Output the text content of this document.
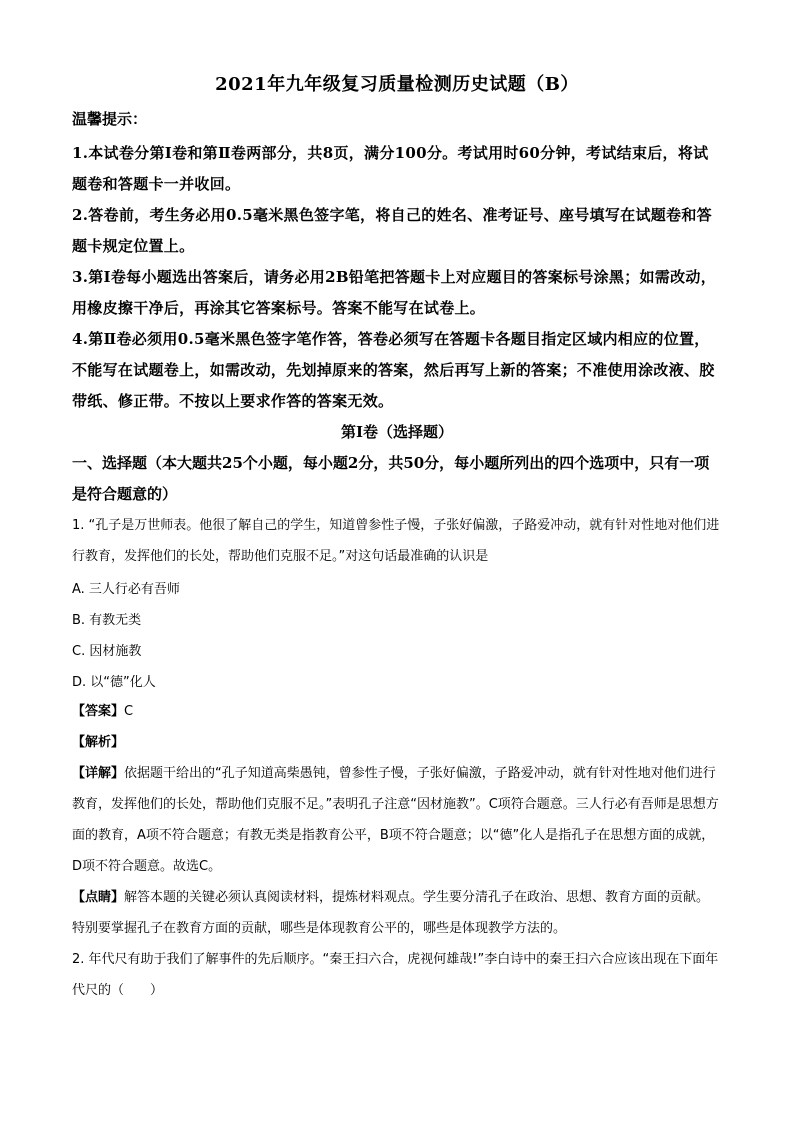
2021年九年级复习质量检测历史试题（B）
温馨提示：
1.本试卷分第Ⅰ卷和第Ⅱ卷两部分，共8页，满分100分。考试用时60分钟，考试结束后，将试题卷和答题卡一并收回。
2.答卷前，考生务必用0.5毫米黑色签字笔，将自己的姓名、准考证号、座号填写在试题卷和答题卡规定位置上。
3.第Ⅰ卷每小题选出答案后，请务必用2B铅笔把答题卡上对应题目的答案标号涂黑；如需改动，用橡皮擦干净后，再涂其它答案标号。答案不能写在试卷上。
4.第Ⅱ卷必须用0.5毫米黑色签字笔作答，答卷必须写在答题卡各题目指定区域内相应的位置，不能写在试题卷上，如需改动，先划掉原来的答案，然后再写上新的答案；不准使用涂改液、胶带纸、修正带。不按以上要求作答的答案无效。
第Ⅰ卷（选择题）
一、选择题（本大题共25个小题，每小题2分，共50分，每小题所列出的四个选项中，只有一项是符合题意的）
1. “孔子是万世师表。他很了解自己的学生，知道曾参性子慢，子张好偏激，子路爱冲动，就有针对性地对他们进行教育，发挥他们的长处，帮助他们克服不足。”对这句话最准确的认识是
A. 三人行必有吾师
B. 有教无类
C. 因材施教
D. 以“德”化人
【答案】C
【解析】
【详解】依据题干给出的“孔子知道高柴愚钝，曾参性子慢，子张好偏激，子路爱冲动，就有针对性地对他们进行教育，发挥他们的长处，帮助他们克服不足。”表明孔子注意“因材施教”。C项符合题意。三人行必有吾师是思想方面的教育，A项不符合题意；有教无类是指教育公平，B项不符合题意；以“德”化人是指孔子在思想方面的成就，D项不符合题意。故选C。
【点睛】解答本题的关键必须认真阅读材料，提炼材料观点。学生要分清孔子在政治、思想、教育方面的贡献。特别要掌握孔子在教育方面的贡献，哪些是体现教育公平的，哪些是体现教学方法的。
2. 年代尺有助于我们了解事件的先后顺序。“秦王扫六合，虎视何雄哉!”李白诗中的秦王扫六合应该出现在下面年代尺的（　　）
